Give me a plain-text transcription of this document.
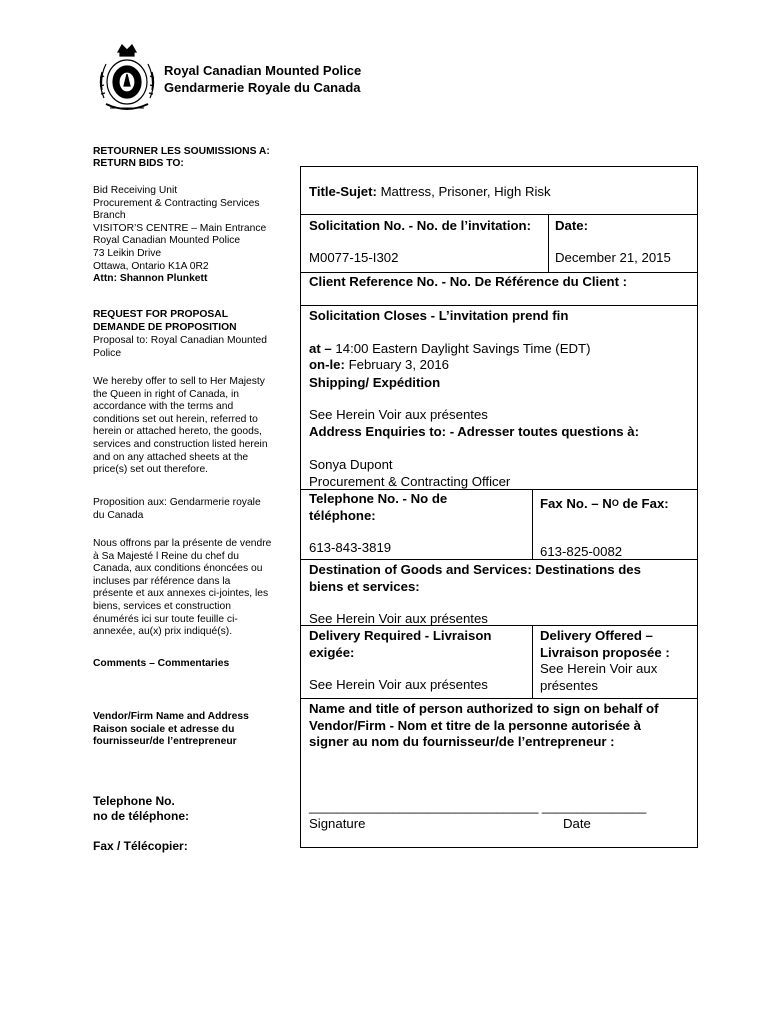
Royal Canadian Mounted Police
Gendarmerie Royale du Canada
RETOURNER LES SOUMISSIONS A:
RETURN BIDS TO:
Bid Receiving Unit
Procurement & Contracting Services
Branch
VISITOR’S CENTRE – Main Entrance
Royal Canadian Mounted Police
73 Leikin Drive
Ottawa, Ontario K1A 0R2
Attn: Shannon Plunkett
REQUEST FOR PROPOSAL
DEMANDE DE PROPOSITION
Proposal to: Royal Canadian Mounted
Police
We hereby offer to sell to Her Majesty
the Queen in right of Canada, in
accordance with the terms and
conditions set out herein, referred to
herein or attached hereto, the goods,
services and construction listed herein
and on any attached sheets at the
price(s) set out therefore.
Proposition aux: Gendarmerie royale
du Canada
Nous offrons par la présente de vendre
à Sa Majesté l Reine du chef du
Canada, aux conditions énoncées ou
incluses par référence dans la
présente et aux annexes ci-jointes, les
biens, services et construction
énumérés ici sur toute feuille ci-
annexée, au(x) prix indiqué(s).
Comments – Commentaries
Vendor/Firm Name and Address
Raison sociale et adresse du
fournisseur/de l’entrepreneur
Telephone No.
no de téléphone:
Fax / Télécopier:
Title-Sujet: Mattress, Prisoner, High Risk
Solicitation No. - No. de l’invitation: Date:
M0077-15-I302	December 21, 2015
Client Reference No. - No. De Référence du Client :
Solicitation Closes - L’invitation prend fin
at – 14:00 Eastern Daylight Savings Time (EDT)
on-le: February 3, 2016
Shipping/ Expédition
See Herein Voir aux présentes
Address Enquiries to: - Adresser toutes questions à:
Sonya Dupont
Procurement & Contracting Officer
Telephone No. - No de
téléphone:
Fax No. – $N^O$ de Fax:
613-843-3819	613-825-0082
Destination of Goods and Services: Destinations des
biens et services:
See Herein Voir aux présentes
Delivery Required - Livraison
exigée:
See Herein Voir aux présentes
Delivery Offered –
Livraison proposée :
See Herein Voir aux
présentes
Name and title of person authorized to sign on behalf of
Vendor/Firm - Nom et titre de la personne autorisée à
signer au nom du fournisseur/de l’entrepreneur :
_________________________________ _______________
Signature	Date
